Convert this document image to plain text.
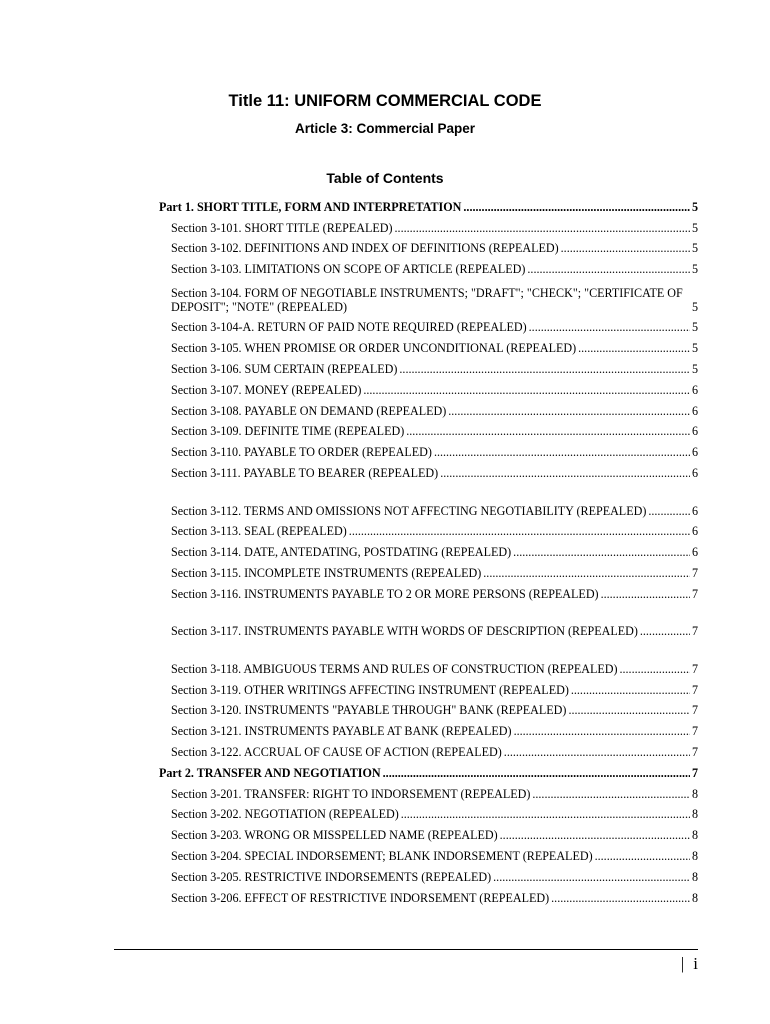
Title 11: UNIFORM COMMERCIAL CODE
Article 3: Commercial Paper
Table of Contents
Part 1. SHORT TITLE, FORM AND INTERPRETATION .....	5
Section 3-101. SHORT TITLE (REPEALED) .....	5
Section 3-102. DEFINITIONS AND INDEX OF DEFINITIONS (REPEALED) .....	5
Section 3-103. LIMITATIONS ON SCOPE OF ARTICLE (REPEALED) .....	5
Section 3-104. FORM OF NEGOTIABLE INSTRUMENTS; "DRAFT"; "CHECK"; "CERTIFICATE OF DEPOSIT"; "NOTE" (REPEALED)	5
Section 3-104-A. RETURN OF PAID NOTE REQUIRED (REPEALED) .....	5
Section 3-105. WHEN PROMISE OR ORDER UNCONDITIONAL (REPEALED) .....	5
Section 3-106. SUM CERTAIN (REPEALED) .....	5
Section 3-107. MONEY (REPEALED) .....	6
Section 3-108. PAYABLE ON DEMAND (REPEALED) .....	6
Section 3-109. DEFINITE TIME (REPEALED) .....	6
Section 3-110. PAYABLE TO ORDER (REPEALED) .....	6
Section 3-111. PAYABLE TO BEARER (REPEALED) .....	6
Section 3-112. TERMS AND OMISSIONS NOT AFFECTING NEGOTIABILITY (REPEALED) .....	6
Section 3-113. SEAL (REPEALED) .....	6
Section 3-114. DATE, ANTEDATING, POSTDATING (REPEALED) .....	6
Section 3-115. INCOMPLETE INSTRUMENTS (REPEALED) .....	7
Section 3-116. INSTRUMENTS PAYABLE TO 2 OR MORE PERSONS (REPEALED) .....	7
Section 3-117. INSTRUMENTS PAYABLE WITH WORDS OF DESCRIPTION (REPEALED) .....	7
Section 3-118. AMBIGUOUS TERMS AND RULES OF CONSTRUCTION (REPEALED) .....	7
Section 3-119. OTHER WRITINGS AFFECTING INSTRUMENT (REPEALED) .....	7
Section 3-120. INSTRUMENTS "PAYABLE THROUGH" BANK (REPEALED) .....	7
Section 3-121. INSTRUMENTS PAYABLE AT BANK (REPEALED) .....	7
Section 3-122. ACCRUAL OF CAUSE OF ACTION (REPEALED) .....	7
Part 2. TRANSFER AND NEGOTIATION .....	7
Section 3-201. TRANSFER: RIGHT TO INDORSEMENT (REPEALED) .....	8
Section 3-202. NEGOTIATION (REPEALED) .....	8
Section 3-203. WRONG OR MISSPELLED NAME (REPEALED) .....	8
Section 3-204. SPECIAL INDORSEMENT; BLANK INDORSEMENT (REPEALED) .....	8
Section 3-205. RESTRICTIVE INDORSEMENTS (REPEALED) .....	8
Section 3-206. EFFECT OF RESTRICTIVE INDORSEMENT (REPEALED) .....	8
| i
